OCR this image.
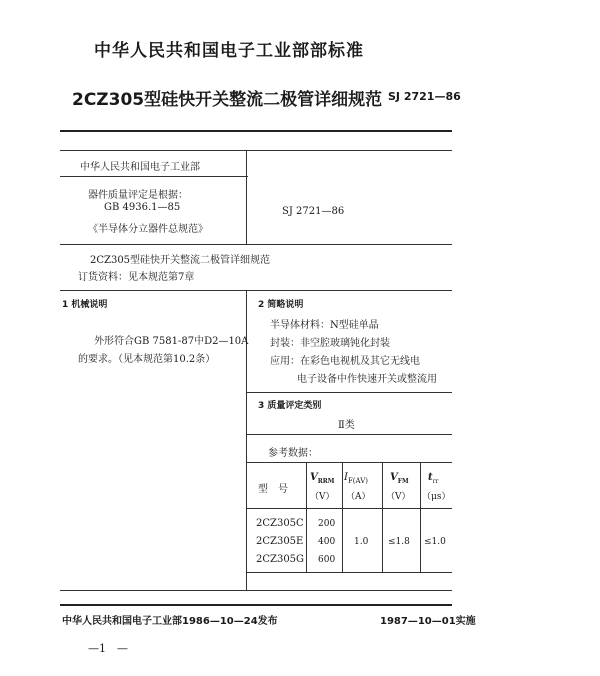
中华人民共和国电子工业部部标准
2CZ305型硅快开关整流二极管详细规范 SJ 2721—86
中华人民共和国电子工业部
器件质量评定是根据：
GB 4936.1—85
《半导体分立器件总规范》
SJ 2721—86
2CZ305型硅快开关整流二极管详细规范
订货资料：见本规范第7章
1 机械说明
外形符合GB 7581-87中D2—10A
的要求。（见本规范第10.2条）
2 简略说明
半导体材料：N型硅单晶
封装：非空腔玻璃钝化封装
应用：在彩色电视机及其它无线电
电子设备中作快速开关或整流用
3 质量评定类别
Ⅱ类
参考数据：
型　号
$V_{RRM}$
（V）
$I_{F(AV)}$
（A）
$V_{FM}$
（V）
$t_{rr}$
（μs）
2CZ305C 200
2CZ305E 400
2CZ305G 600
1.0 ≤1.8 ≤1.0
中华人民共和国电子工业部1986—10—24发布	1987—10—01实施
—1　—
